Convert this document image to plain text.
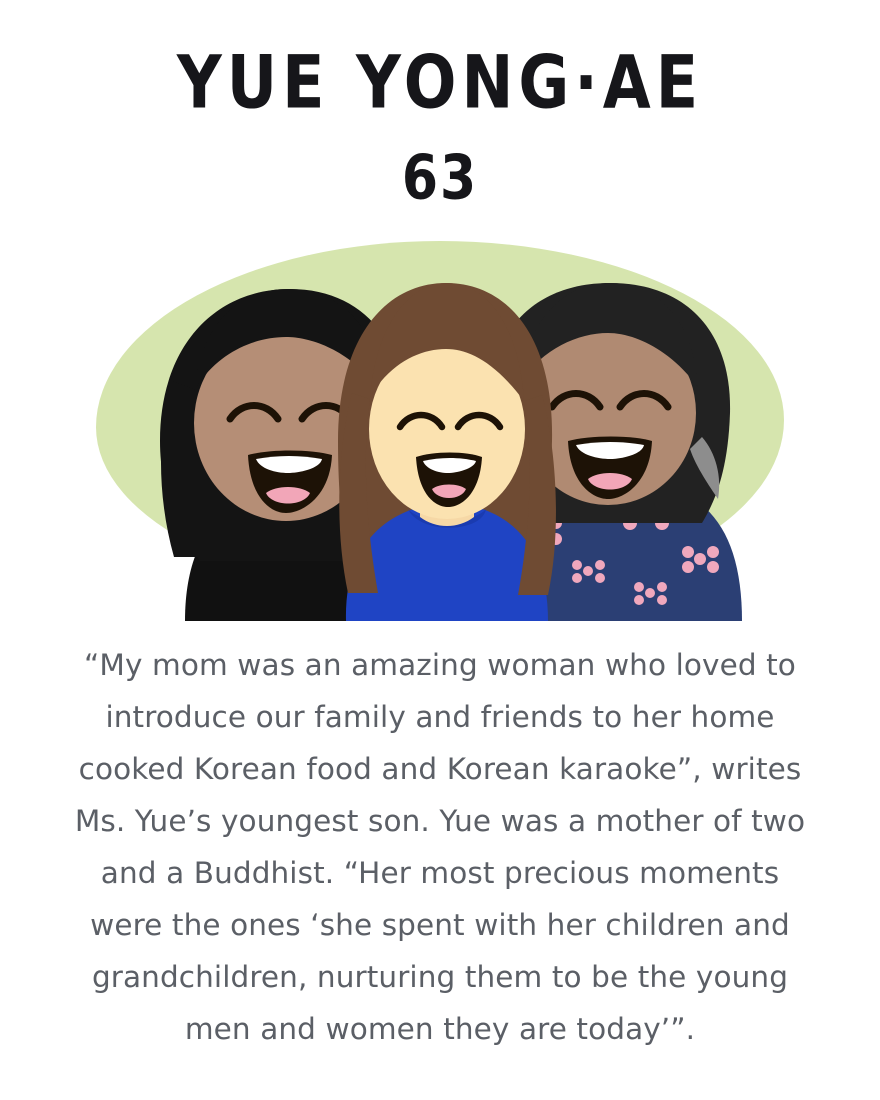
YUE YONG·AE
63
“My mom was an amazing woman who loved to introduce our family and friends to her home cooked Korean food and Korean karaoke”, writes Ms. Yue’s youngest son. Yue was a mother of two and a Buddhist. “Her most precious moments were the ones ‘she spent with her children and grandchildren, nurturing them to be the young men and women they are today’”.
